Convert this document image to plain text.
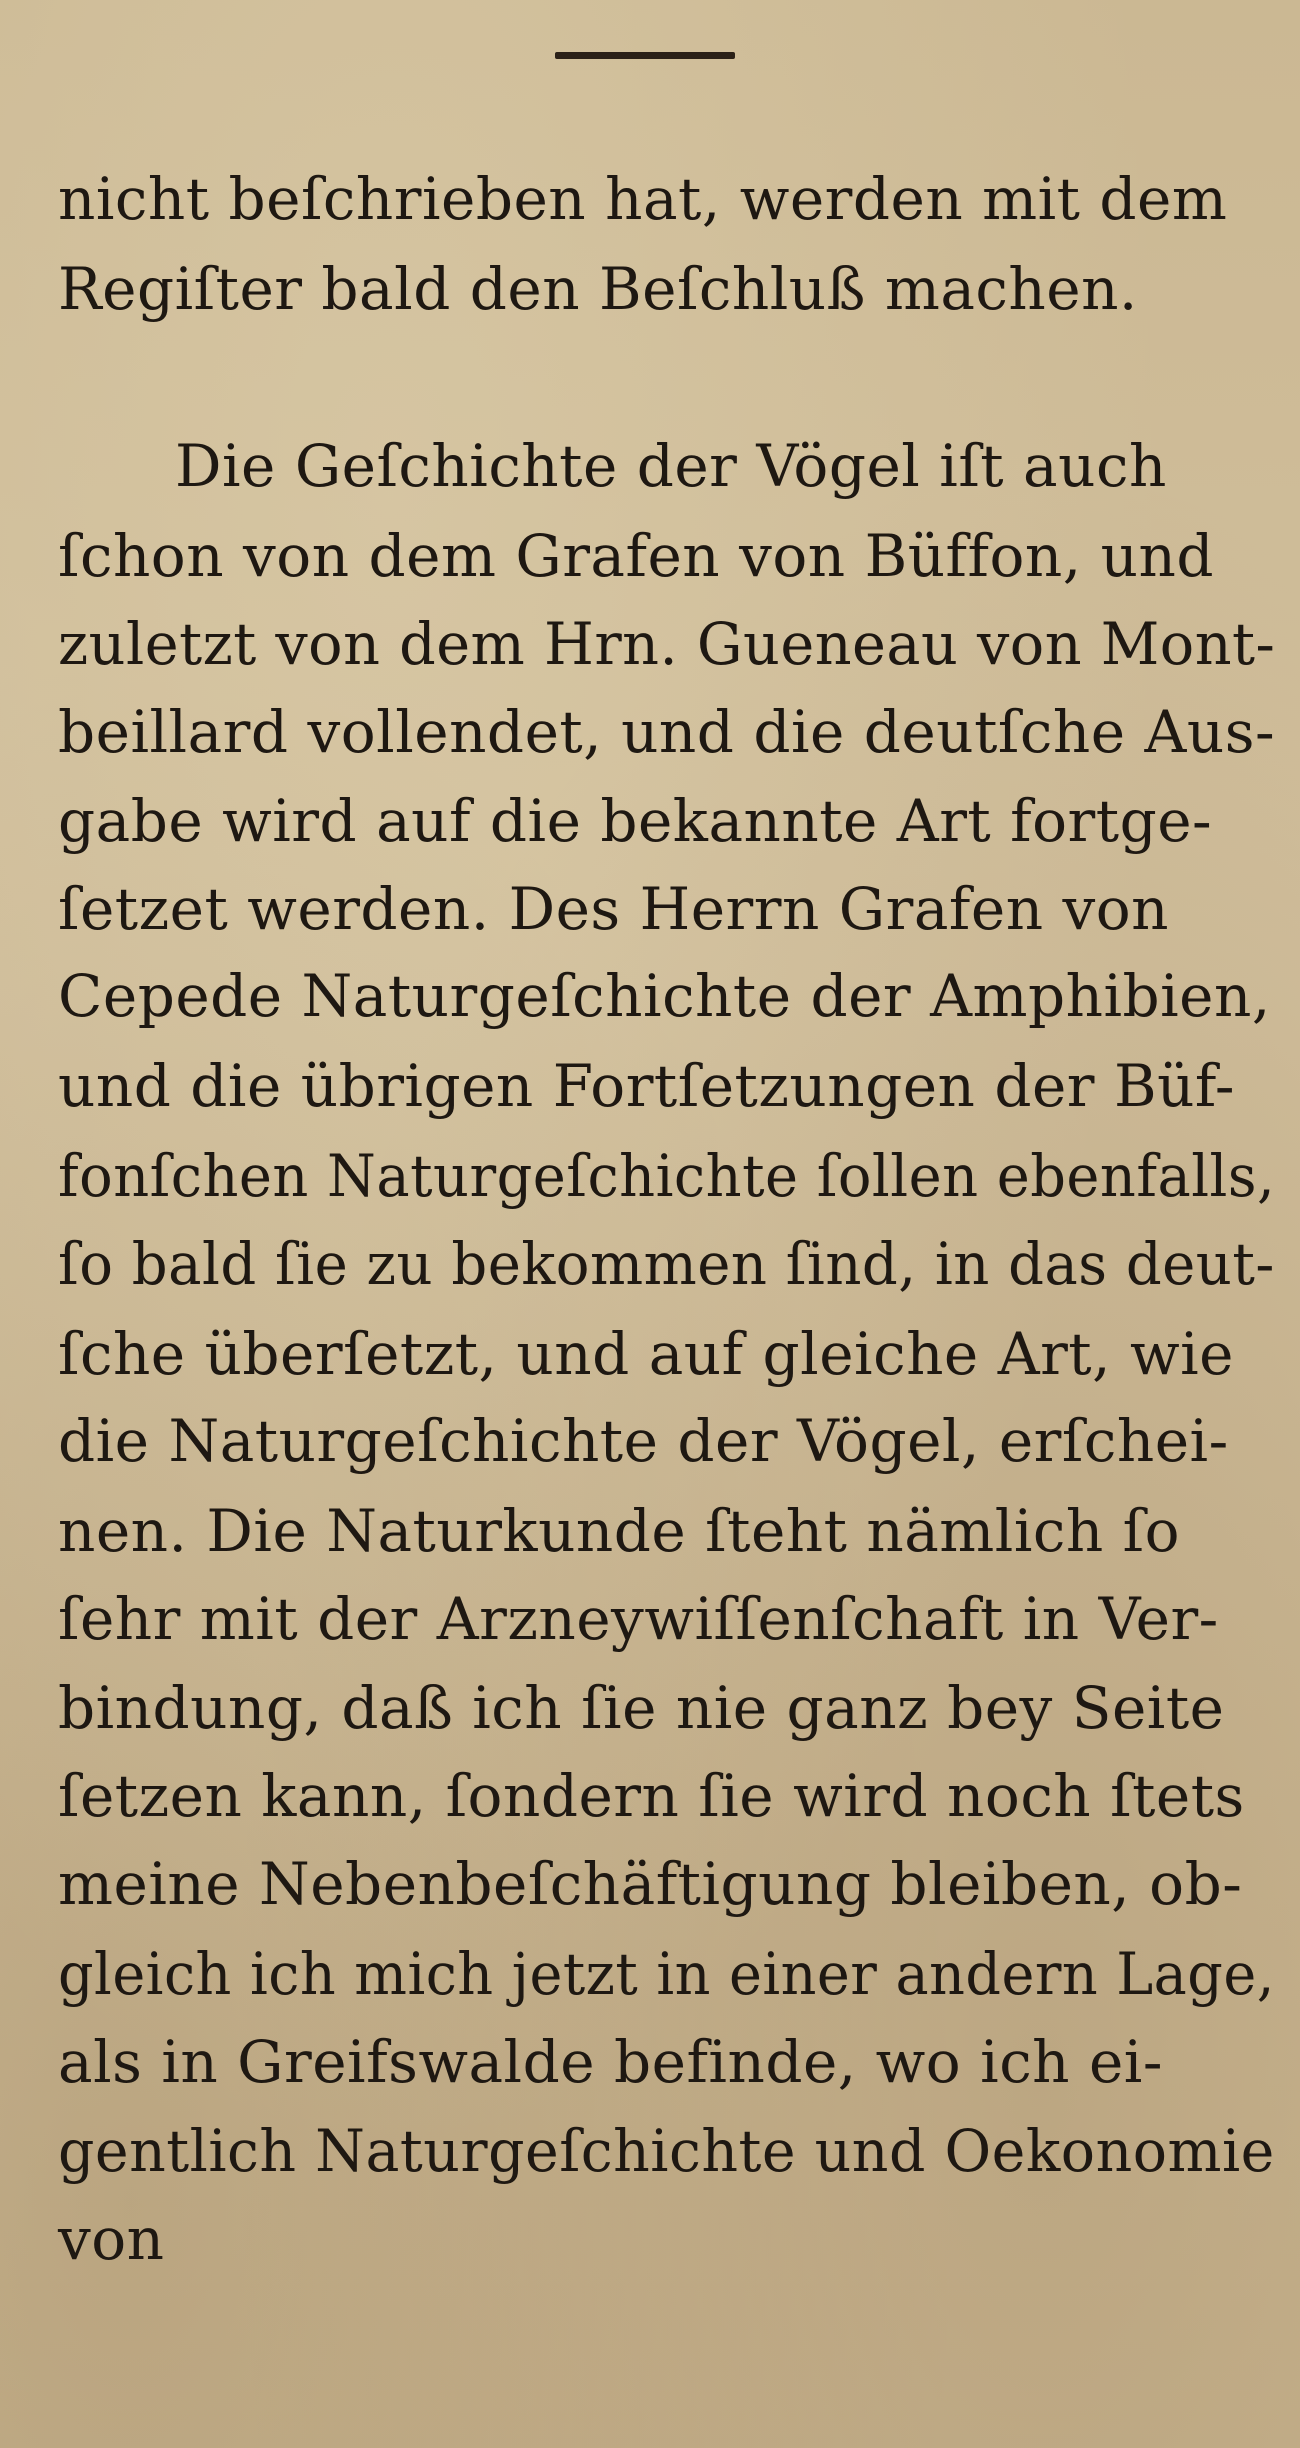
nicht beſchrieben hat, werden mit dem
Regiſter bald den Beſchluß machen.
Die Geſchichte der Vögel iſt auch
ſchon von dem Grafen von Büffon, und
zuletzt von dem Hrn. Gueneau von Mont-
beillard vollendet, und die deutſche Aus-
gabe wird auf die bekannte Art fortge-
ſetzet werden. Des Herrn Grafen von
Cepede Naturgeſchichte der Amphibien,
und die übrigen Fortſetzungen der Büf-
fonſchen Naturgeſchichte ſollen ebenfalls,
ſo bald ſie zu bekommen ſind, in das deut-
ſche überſetzt, und auf gleiche Art, wie
die Naturgeſchichte der Vögel, erſchei-
nen. Die Naturkunde ſteht nämlich ſo
ſehr mit der Arzneywiſſenſchaft in Ver-
bindung, daß ich ſie nie ganz bey Seite
ſetzen kann, ſondern ſie wird noch ſtets
meine Nebenbeſchäftigung bleiben, ob-
gleich ich mich jetzt in einer andern Lage,
als in Greifswalde befinde, wo ich ei-
gentlich Naturgeſchichte und Oekonomie
von
